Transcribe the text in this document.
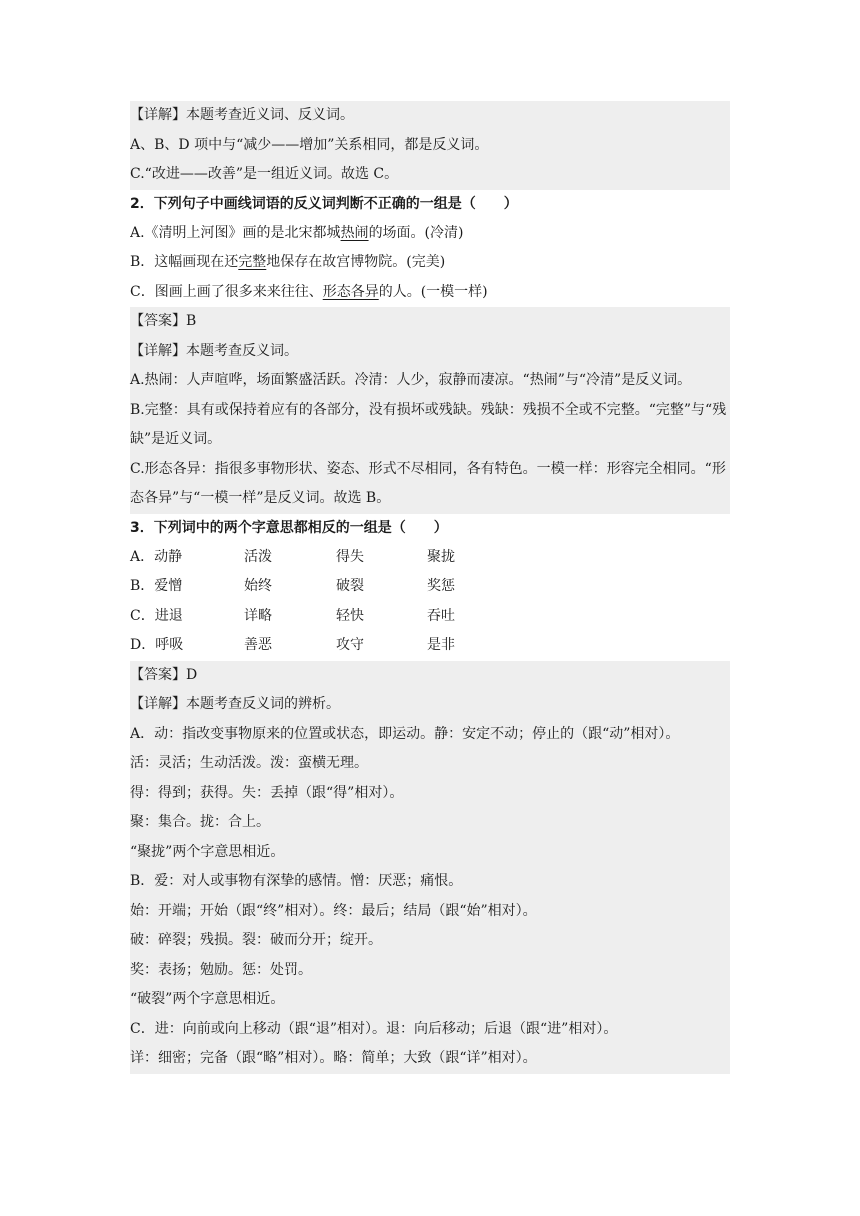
【详解】本题考查近义词、反义词。
A、B、D 项中与“减少——增加”关系相同，都是反义词。
C.“改进——改善”是一组近义词。故选 C。
2．下列句子中画线词语的反义词判断不正确的一组是（　　）
A.《清明上河图》画的是北宋都城热闹的场面。(冷清)
B．这幅画现在还完整地保存在故宫博物院。(完美)
C．图画上画了很多来来往往、形态各异的人。(一模一样)
【答案】B
【详解】本题考查反义词。
A.热闹：人声喧哗，场面繁盛活跃。冷清：人少，寂静而凄凉。“热闹”与“冷清”是反义词。
B.完整：具有或保持着应有的各部分，没有损坏或残缺。残缺：残损不全或不完整。“完整”与“残缺”是近义词。
C.形态各异：指很多事物形状、姿态、形式不尽相同，各有特色。一模一样：形容完全相同。“形态各异”与“一模一样”是反义词。故选 B。
3．下列词中的两个字意思都相反的一组是（　　）
A．动静	活泼	得失	聚拢
B．爱憎	始终	破裂	奖惩
C．进退	详略	轻快	吞吐
D．呼吸	善恶	攻守	是非
【答案】D
【详解】本题考查反义词的辨析。
A．动：指改变事物原来的位置或状态，即运动。静：安定不动；停止的（跟“动”相对）。
活：灵活；生动活泼。泼：蛮横无理。
得：得到；获得。失：丢掉（跟“得”相对）。
聚：集合。拢：合上。
“聚拢”两个字意思相近。
B．爱：对人或事物有深挚的感情。憎：厌恶；痛恨。
始：开端；开始（跟“终”相对）。终：最后；结局（跟“始”相对）。
破：碎裂；残损。裂：破而分开；绽开。
奖：表扬；勉励。惩：处罚。
“破裂”两个字意思相近。
C．进：向前或向上移动（跟“退”相对）。退：向后移动；后退（跟“进”相对）。
详：细密；完备（跟“略”相对）。略：简单；大致（跟“详”相对）。
